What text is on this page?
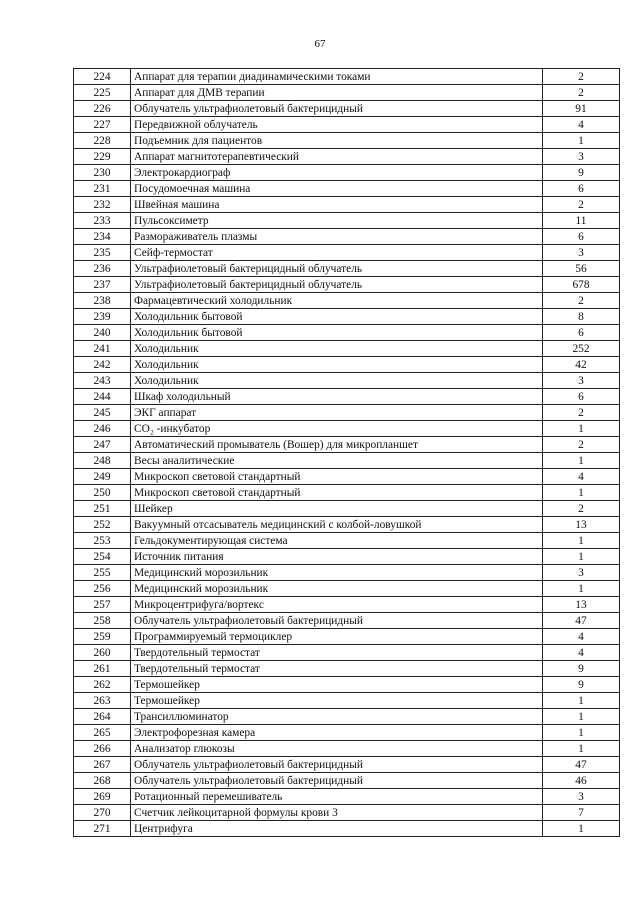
67
224	Аппарат для терапии диадинамическими токами	2
225	Аппарат для ДМВ терапии	2
226	Облучатель ультрафиолетовый бактерицидный	91
227	Передвижной облучатель	4
228	Подъемник для пациентов	1
229	Аппарат магнитотерапевтический	3
230	Электрокардиограф	9
231	Посудомоечная машина	6
232	Швейная машина	2
233	Пульсоксиметр	11
234	Размораживатель плазмы	6
235	Сейф-термостат	3
236	Ультрафиолетовый бактерицидный облучатель	56
237	Ультрафиолетовый бактерицидный облучатель	678
238	Фармацевтический холодильник	2
239	Холодильник бытовой	8
240	Холодильник бытовой	6
241	Холодильник	252
242	Холодильник	42
243	Холодильник	3
244	Шкаф холодильный	6
245	ЭКГ аппарат	2
246	CO₂ -инкубатор	1
247	Автоматический промыватель (Вошер) для микропланшет	2
248	Весы аналитические	1
249	Микроскоп световой стандартный	4
250	Микроскоп световой стандартный	1
251	Шейкер	2
252	Вакуумный отсасыватель медицинский с колбой-ловушкой	13
253	Гельдокументирующая система	1
254	Источник питания	1
255	Медицинский морозильник	3
256	Медицинский морозильник	1
257	Микроцентрифуга/вортекс	13
258	Облучатель ультрафиолетовый бактерицидный	47
259	Программируемый термоциклер	4
260	Твердотельный термостат	4
261	Твердотельный термостат	9
262	Термошейкер	9
263	Термошейкер	1
264	Трансиллюминатор	1
265	Электрофорезная камера	1
266	Анализатор глюкозы	1
267	Облучатель ультрафиолетовый бактерицидный	47
268	Облучатель ультрафиолетовый бактерицидный	46
269	Ротационный перемешиватель	3
270	Счетчик лейкоцитарной формулы крови 3	7
271	Центрифуга	1
